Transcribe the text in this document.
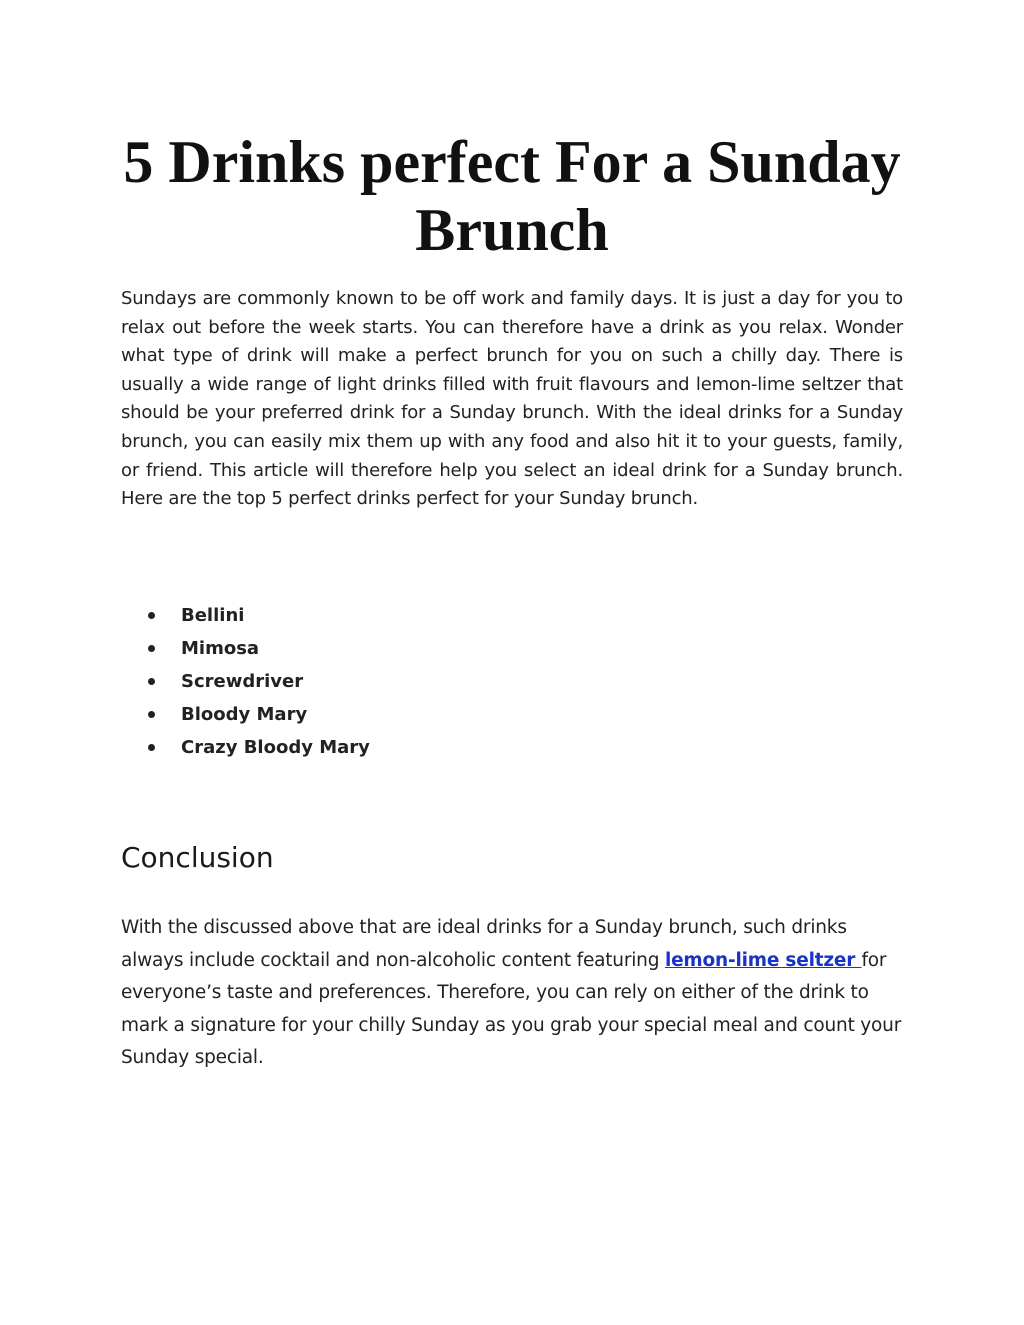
5 Drinks perfect For a Sunday Brunch

Sundays are commonly known to be off work and family days. It is just a day for you to relax out before the week starts. You can therefore have a drink as you relax. Wonder what type of drink will make a perfect brunch for you on such a chilly day. There is usually a wide range of light drinks filled with fruit flavours and lemon-lime seltzer that should be your preferred drink for a Sunday brunch. With the ideal drinks for a Sunday brunch, you can easily mix them up with any food and also hit it to your guests, family, or friend. This article will therefore help you select an ideal drink for a Sunday brunch. Here are the top 5 perfect drinks perfect for your Sunday brunch.

Bellini
Mimosa
Screwdriver
Bloody Mary
Crazy Bloody Mary
Conclusion

With the discussed above that are ideal drinks for a Sunday brunch, such drinks always include cocktail and non-alcoholic content featuring lemon-lime seltzer for everyone’s taste and preferences. Therefore, you can rely on either of the drink to mark a signature for your chilly Sunday as you grab your special meal and count your Sunday special.
